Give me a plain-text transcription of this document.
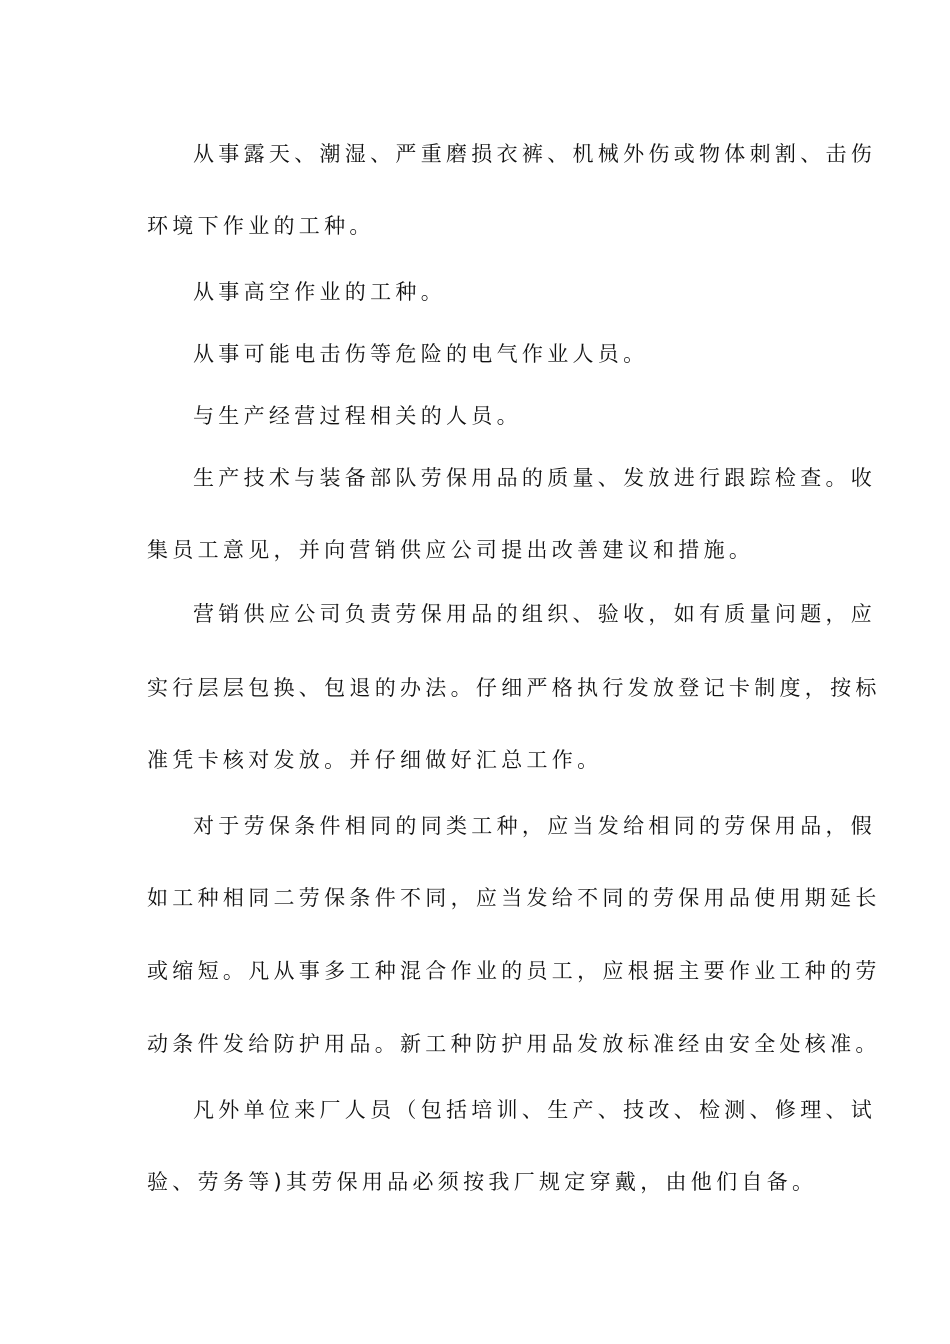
从事露天、潮湿、严重磨损衣裤、机械外伤或物体刺割、击伤
环境下作业的工种。
从事高空作业的工种。
从事可能电击伤等危险的电气作业人员。
与生产经营过程相关的人员。
生产技术与装备部队劳保用品的质量、发放进行跟踪检查。收
集员工意见，并向营销供应公司提出改善建议和措施。
营销供应公司负责劳保用品的组织、验收，如有质量问题，应
实行层层包换、包退的办法。仔细严格执行发放登记卡制度，按标
准凭卡核对发放。并仔细做好汇总工作。
对于劳保条件相同的同类工种，应当发给相同的劳保用品，假
如工种相同二劳保条件不同，应当发给不同的劳保用品使用期延长
或缩短。凡从事多工种混合作业的员工，应根据主要作业工种的劳
动条件发给防护用品。新工种防护用品发放标准经由安全处核准。
凡外单位来厂人员（包括培训、生产、技改、检测、修理、试
验、劳务等)其劳保用品必须按我厂规定穿戴，由他们自备。
